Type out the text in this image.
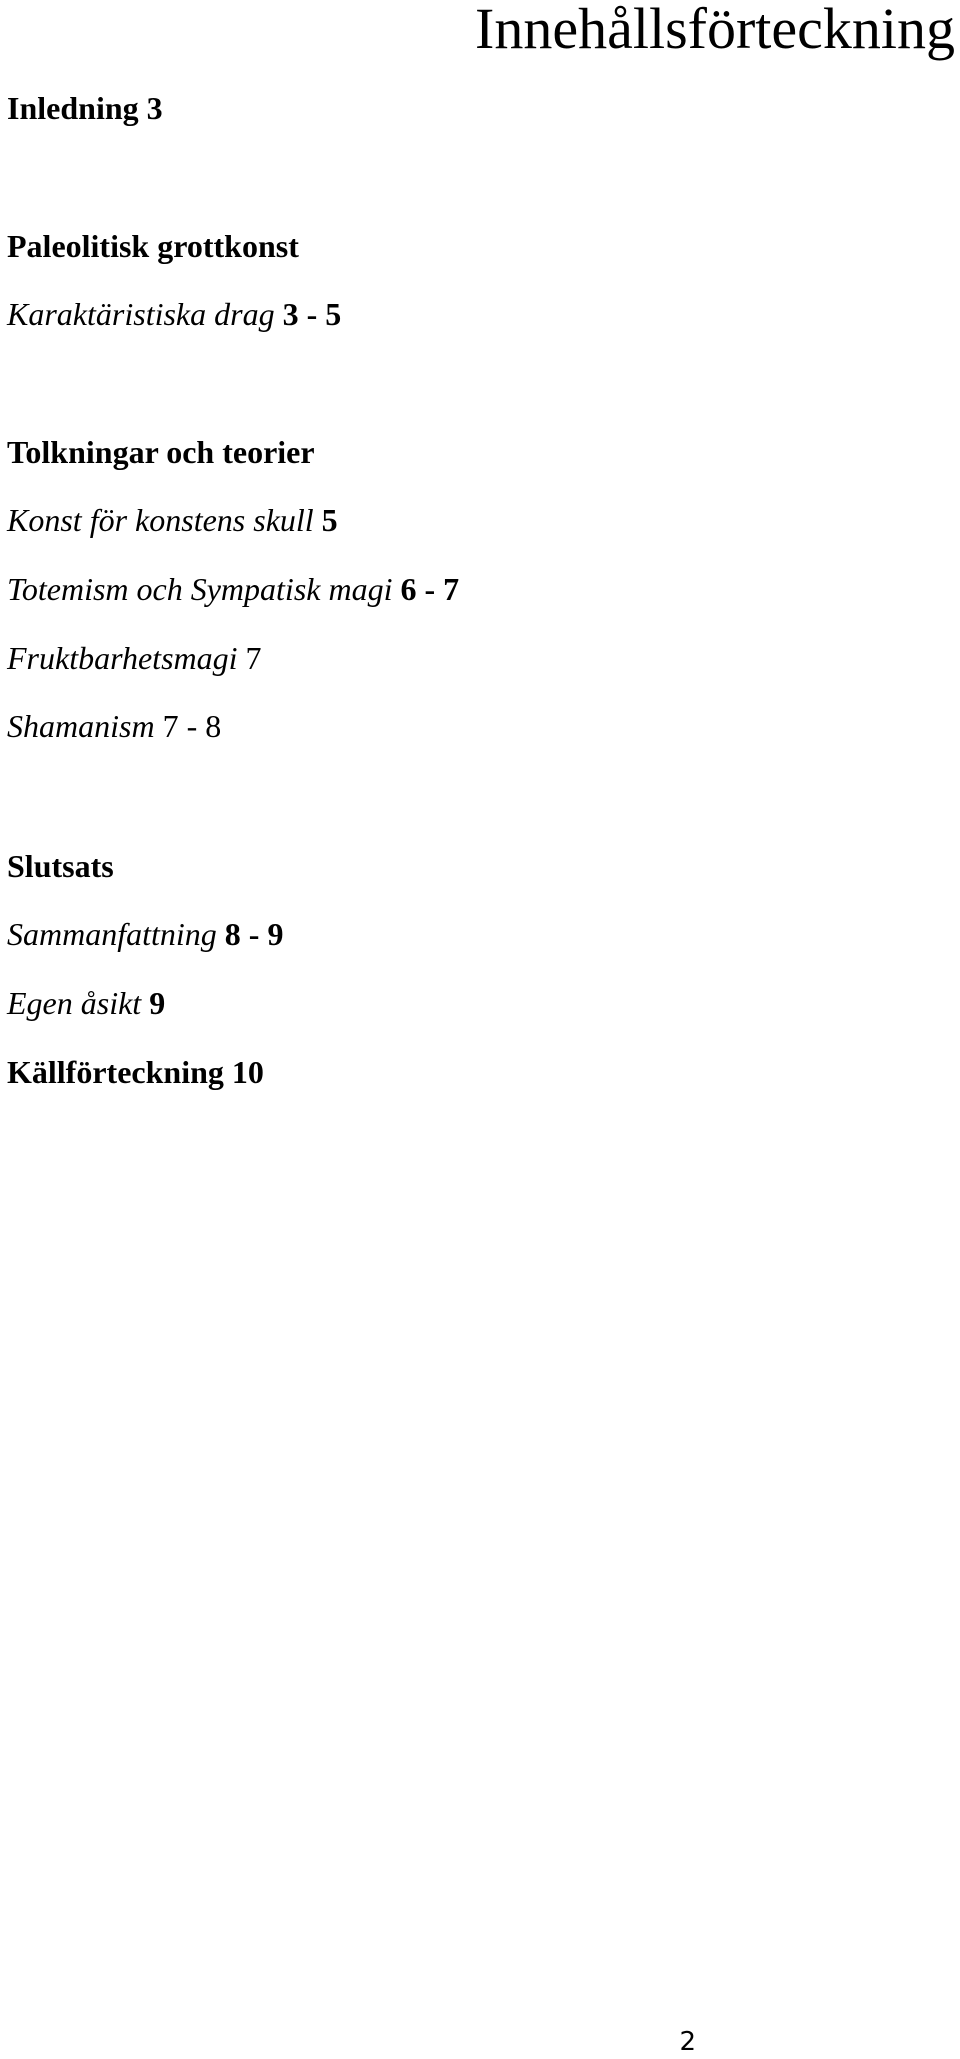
Innehållsförteckning
Inledning 3
Paleolitisk grottkonst
Karaktäristiska drag 3 - 5
Tolkningar och teorier
Konst för konstens skull 5
Totemism och Sympatisk magi 6 - 7
Fruktbarhetsmagi 7
Shamanism 7 - 8
Slutsats
Sammanfattning 8 - 9
Egen åsikt 9
Källförteckning 10
2
